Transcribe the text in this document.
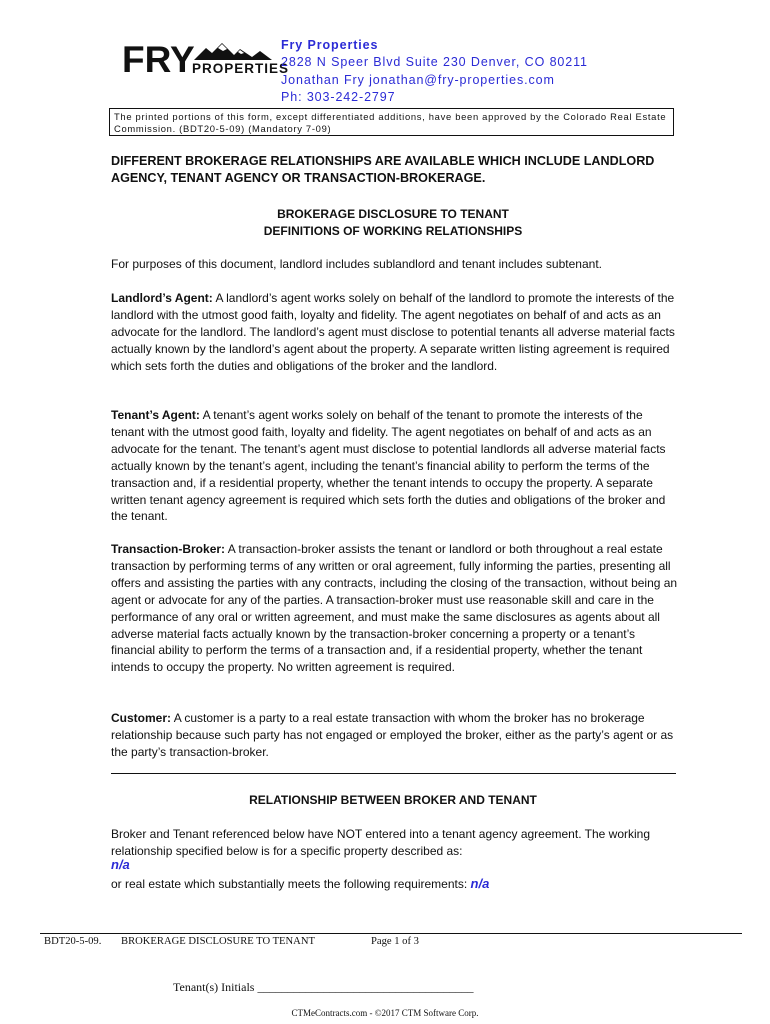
FRY
PROPERTIES
Fry Properties
2828 N Speer Blvd Suite 230 Denver, CO 80211
Jonathan Fry jonathan@fry-properties.com
Ph: 303-242-2797
The printed portions of this form, except differentiated additions, have been approved by the Colorado Real Estate Commission. (BDT20-5-09) (Mandatory 7-09)
DIFFERENT BROKERAGE RELATIONSHIPS ARE AVAILABLE WHICH INCLUDE LANDLORD AGENCY, TENANT AGENCY OR TRANSACTION-BROKERAGE.
BROKERAGE DISCLOSURE TO TENANT
DEFINITIONS OF WORKING RELATIONSHIPS
For purposes of this document, landlord includes sublandlord and tenant includes subtenant.
Landlord’s Agent: A landlord’s agent works solely on behalf of the landlord to promote the interests of the landlord with the utmost good faith, loyalty and fidelity. The agent negotiates on behalf of and acts as an advocate for the landlord. The landlord’s agent must disclose to potential tenants all adverse material facts actually known by the landlord’s agent about the property. A separate written listing agreement is required which sets forth the duties and obligations of the broker and the landlord.
Tenant’s Agent: A tenant’s agent works solely on behalf of the tenant to promote the interests of the tenant with the utmost good faith, loyalty and fidelity. The agent negotiates on behalf of and acts as an advocate for the tenant. The tenant’s agent must disclose to potential landlords all adverse material facts actually known by the tenant’s agent, including the tenant’s financial ability to perform the terms of the transaction and, if a residential property, whether the tenant intends to occupy the property. A separate written tenant agency agreement is required which sets forth the duties and obligations of the broker and the tenant.
Transaction-Broker: A transaction-broker assists the tenant or landlord or both throughout a real estate transaction by performing terms of any written or oral agreement, fully informing the parties, presenting all offers and assisting the parties with any contracts, including the closing of the transaction, without being an agent or advocate for any of the parties. A transaction-broker must use reasonable skill and care in the performance of any oral or written agreement, and must make the same disclosures as agents about all adverse material facts actually known by the transaction-broker concerning a property or a tenant’s financial ability to perform the terms of a transaction and, if a residential property, whether the tenant intends to occupy the property. No written agreement is required.
Customer: A customer is a party to a real estate transaction with whom the broker has no brokerage relationship because such party has not engaged or employed the broker, either as the party’s agent or as the party’s transaction-broker.
RELATIONSHIP BETWEEN BROKER AND TENANT
Broker and Tenant referenced below have NOT entered into a tenant agency agreement. The working relationship specified below is for a specific property described as:
n/a
or real estate which substantially meets the following requirements: n/a
BDT20-5-09. BROKERAGE DISCLOSURE TO TENANT	Page 1 of 3
Tenant(s) Initials ____________________________________
CTMeContracts.com - ©2017 CTM Software Corp.
